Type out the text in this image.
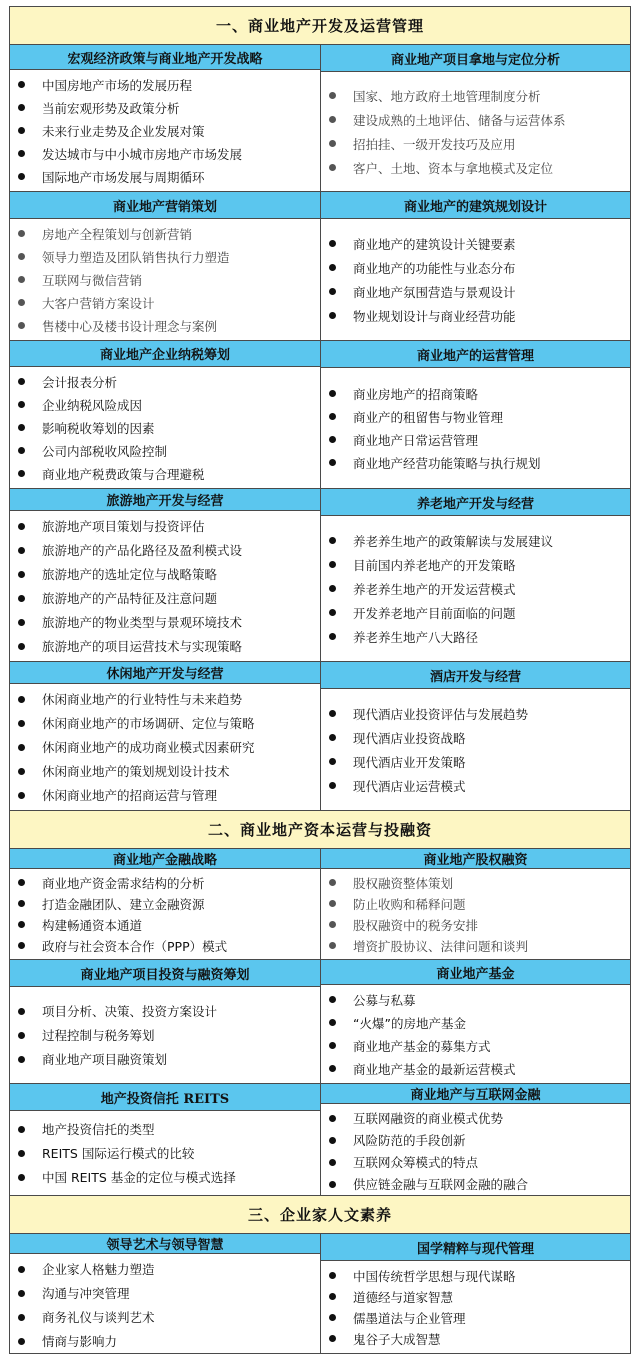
一、商业地产开发及运营管理
宏观经济政策与商业地产开发战略
中国房地产市场的发展历程
当前宏观形势及政策分析
未来行业走势及企业发展对策
发达城市与中小城市房地产市场发展
国际地产市场发展与周期循环
商业地产项目拿地与定位分析
国家、地方政府土地管理制度分析
建设成熟的土地评估、储备与运营体系
招拍挂、一级开发技巧及应用
客户、土地、资本与拿地模式及定位
商业地产营销策划
房地产全程策划与创新营销
领导力塑造及团队销售执行力塑造
互联网与微信营销
大客户营销方案设计
售楼中心及楼书设计理念与案例
商业地产的建筑规划设计
商业地产的建筑设计关键要素
商业地产的功能性与业态分布
商业地产氛围营造与景观设计
物业规划设计与商业经营功能
商业地产企业纳税筹划
会计报表分析
企业纳税风险成因
影响税收筹划的因素
公司内部税收风险控制
商业地产税费政策与合理避税
商业地产的运营管理
商业房地产的招商策略
商业产的租留售与物业管理
商业地产日常运营管理
商业地产经营功能策略与执行规划
旅游地产开发与经营
旅游地产项目策划与投资评估
旅游地产的产品化路径及盈利模式设
旅游地产的选址定位与战略策略
旅游地产的产品特征及注意问题
旅游地产的物业类型与景观环境技术
旅游地产的项目运营技术与实现策略
养老地产开发与经营
养老养生地产的政策解读与发展建议
目前国内养老地产的开发策略
养老养生地产的开发运营模式
开发养老地产目前面临的问题
养老养生地产八大路径
休闲地产开发与经营
休闲商业地产的行业特性与未来趋势
休闲商业地产的市场调研、定位与策略
休闲商业地产的成功商业模式因素研究
休闲商业地产的策划规划设计技术
休闲商业地产的招商运营与管理
酒店开发与经营
现代酒店业投资评估与发展趋势
现代酒店业投资战略
现代酒店业开发策略
现代酒店业运营模式
二、商业地产资本运营与投融资
商业地产金融战略
商业地产资金需求结构的分析
打造金融团队、建立金融资源
构建畅通资本通道
政府与社会资本合作（PPP）模式
商业地产股权融资
股权融资整体策划
防止收购和稀释问题
股权融资中的税务安排
增资扩股协议、法律问题和谈判
商业地产项目投资与融资筹划
项目分析、决策、投资方案设计
过程控制与税务筹划
商业地产项目融资策划
商业地产基金
公募与私募
“火爆”的房地产基金
商业地产基金的募集方式
商业地产基金的最新运营模式
地产投资信托 REITS
地产投资信托的类型
REITS 国际运行模式的比较
中国 REITS 基金的定位与模式选择
商业地产与互联网金融
互联网融资的商业模式优势
风险防范的手段创新
互联网众筹模式的特点
供应链金融与互联网金融的融合
三、企业家人文素养
领导艺术与领导智慧
企业家人格魅力塑造
沟通与冲突管理
商务礼仪与谈判艺术
情商与影响力
国学精粹与现代管理
中国传统哲学思想与现代谋略
道德经与道家智慧
儒墨道法与企业管理
鬼谷子大成智慧
